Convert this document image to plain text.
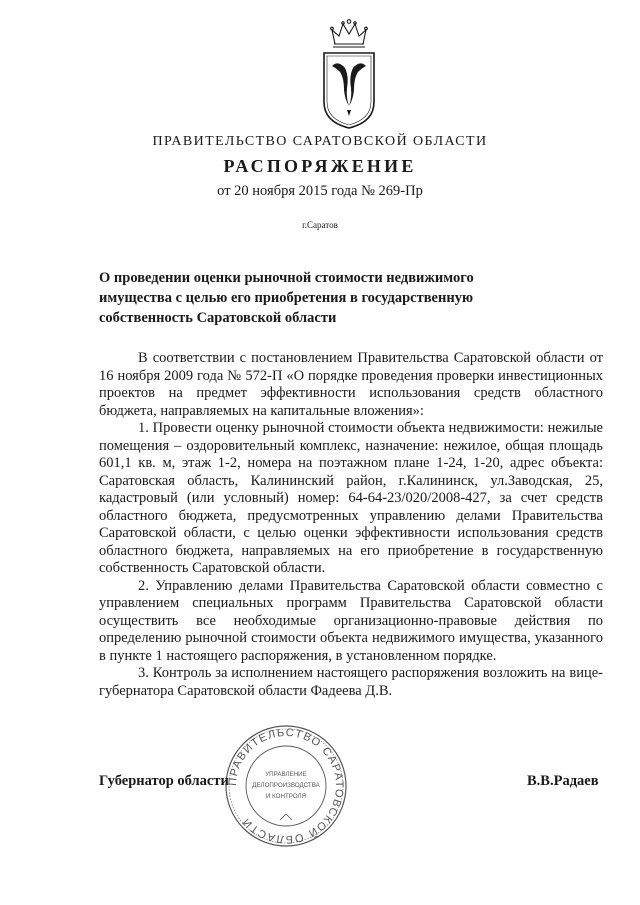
ПРАВИТЕЛЬСТВО САРАТОВСКОЙ ОБЛАСТИ
РАСПОРЯЖЕНИЕ
от 20 ноября 2015 года № 269-Пр
г.Саратов
О проведении оценки рыночной стоимости недвижимого имущества с целью его приобретения в государственную собственность Саратовской области

В соответствии с постановлением Правительства Саратовской области от 16 ноября 2009 года № 572-П «О порядке проведения проверки инвестиционных проектов на предмет эффективности использования средств областного бюджета, направляемых на капитальные вложения»:

1. Провести оценку рыночной стоимости объекта недвижимости: нежилые помещения – оздоровительный комплекс, назначение: нежилое, общая площадь 601,1 кв. м, этаж 1-2, номера на поэтажном плане 1-24, 1-20, адрес объекта: Саратовская область, Калининский район, г.Калининск, ул.Заводская, 25, кадастровый (или условный) номер: 64-64-23/020/2008-427, за счет средств областного бюджета, предусмотренных управлению делами Правительства Саратовской области, с целью оценки эффективности использования средств областного бюджета, направляемых на его приобретение в государственную собственность Саратовской области.

2. Управлению делами Правительства Саратовской области совместно с управлением специальных программ Правительства Саратовской области осуществить все необходимые организационно-правовые действия по определению рыночной стоимости объекта недвижимого имущества, указанного в пункте 1 настоящего распоряжения, в установленном порядке.

3. Контроль за исполнением настоящего распоряжения возложить на вице-губернатора Саратовской области Фадеева Д.В.

ПРАВИТЕЛЬСТВО САРАТОВСКОЙ ОБЛАСТИ
УПРАВЛЕНИЕ
ДЕЛОПРОИЗВОДСТВА
И КОНТРОЛЯ
Губернатор области	В.В.Радаев
